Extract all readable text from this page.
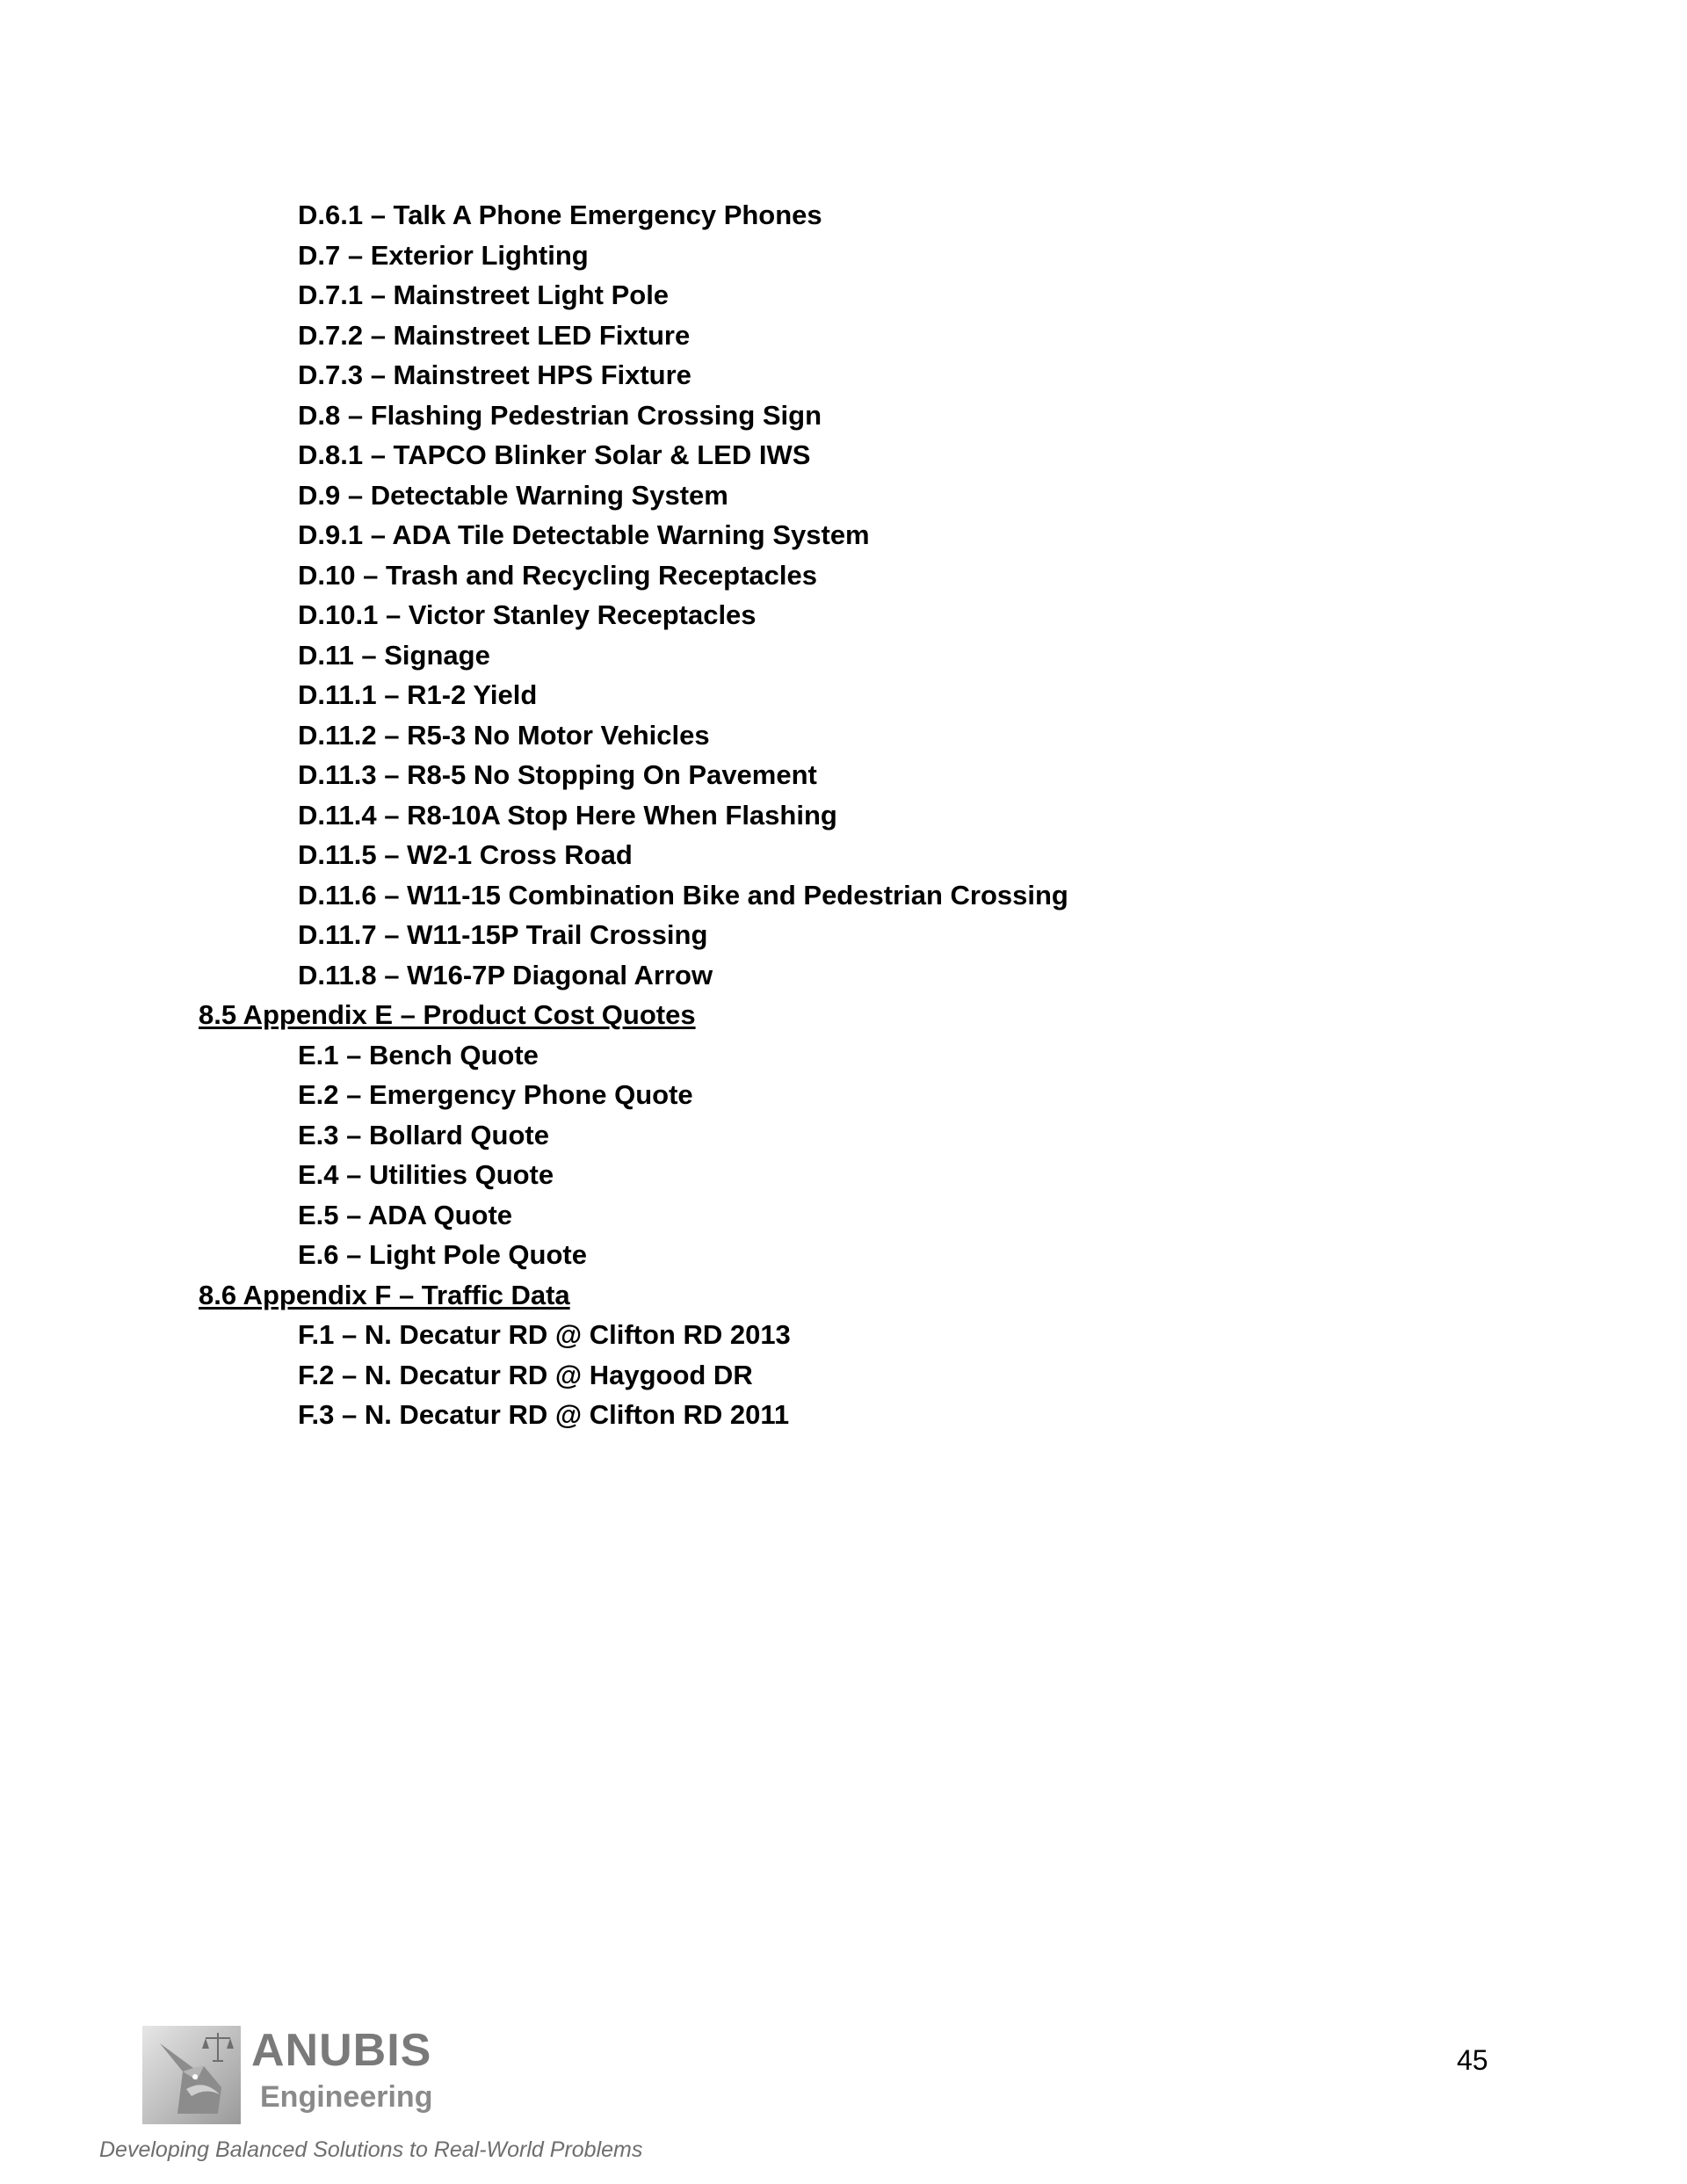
D.6.1 – Talk A Phone Emergency Phones
D.7 – Exterior Lighting
D.7.1 – Mainstreet Light Pole
D.7.2 – Mainstreet LED Fixture
D.7.3 – Mainstreet HPS Fixture
D.8 – Flashing Pedestrian Crossing Sign
D.8.1 – TAPCO Blinker Solar & LED IWS
D.9 – Detectable Warning System
D.9.1 – ADA Tile Detectable Warning System
D.10 – Trash and Recycling Receptacles
D.10.1 – Victor Stanley Receptacles
D.11 – Signage
D.11.1 – R1-2 Yield
D.11.2 – R5-3 No Motor Vehicles
D.11.3 – R8-5 No Stopping On Pavement
D.11.4 – R8-10A Stop Here When Flashing
D.11.5 – W2-1 Cross Road
D.11.6 – W11-15 Combination Bike and Pedestrian Crossing
D.11.7 – W11-15P Trail Crossing
D.11.8 – W16-7P Diagonal Arrow
8.5 Appendix E – Product Cost Quotes
E.1 – Bench Quote
E.2 – Emergency Phone Quote
E.3 – Bollard Quote
E.4 – Utilities Quote
E.5 – ADA Quote
E.6 – Light Pole Quote
8.6 Appendix F – Traffic Data
F.1 – N. Decatur RD @ Clifton RD 2013
F.2 – N. Decatur RD @ Haygood DR
F.3 – N. Decatur RD @ Clifton RD 2011
ANUBIS
Engineering
Developing Balanced Solutions to Real-World Problems
45
